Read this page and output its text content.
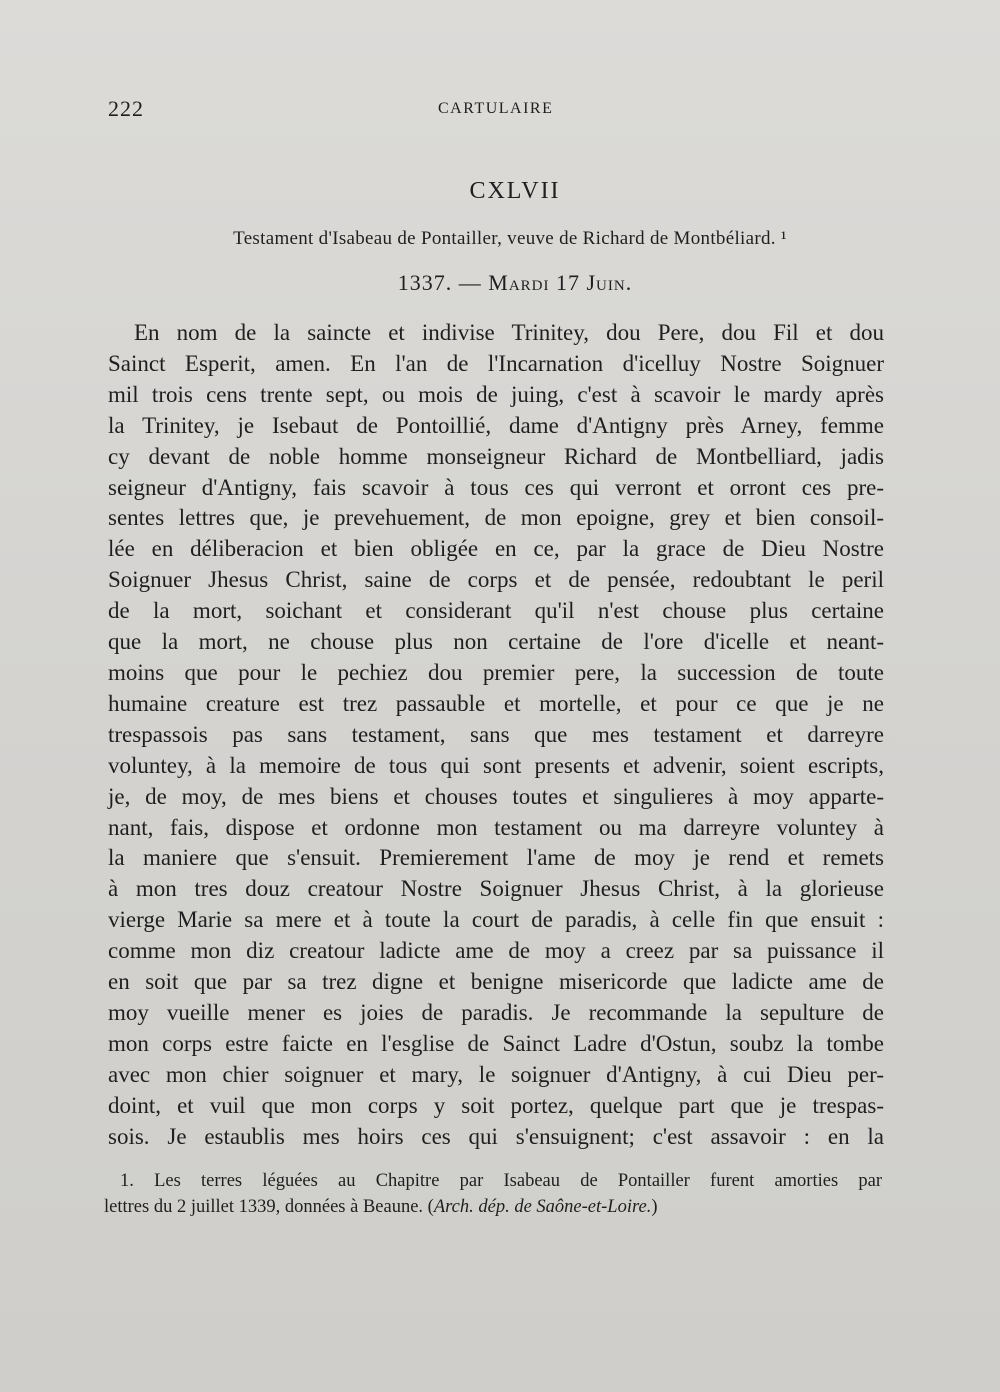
222	CARTULAIRE
CXLVII
Testament d'Isabeau de Pontailler, veuve de Richard de Montbéliard. ¹
1337. — Mardi 17 Juin.
En nom de la saincte et indivise Trinitey, dou Pere, dou Fil et dou
Sainct Esperit, amen. En l'an de l'Incarnation d'icelluy Nostre Soignuer
mil trois cens trente sept, ou mois de juing, c'est à scavoir le mardy après
la Trinitey, je Isebaut de Pontoillié, dame d'Antigny près Arney, femme
cy devant de noble homme monseigneur Richard de Montbelliard, jadis
seigneur d'Antigny, fais scavoir à tous ces qui verront et orront ces pre-
sentes lettres que, je prevehuement, de mon epoigne, grey et bien consoil-
lée en déliberacion et bien obligée en ce, par la grace de Dieu Nostre
Soignuer Jhesus Christ, saine de corps et de pensée, redoubtant le peril
de la mort, soichant et considerant qu'il n'est chouse plus certaine
que la mort, ne chouse plus non certaine de l'ore d'icelle et neant-
moins que pour le pechiez dou premier pere, la succession de toute
humaine creature est trez passauble et mortelle, et pour ce que je ne
trespassois pas sans testament, sans que mes testament et darreyre
voluntey, à la memoire de tous qui sont presents et advenir, soient escripts,
je, de moy, de mes biens et chouses toutes et singulieres à moy apparte-
nant, fais, dispose et ordonne mon testament ou ma darreyre voluntey à
la maniere que s'ensuit. Premierement l'ame de moy je rend et remets
à mon tres douz creatour Nostre Soignuer Jhesus Christ, à la glorieuse
vierge Marie sa mere et à toute la court de paradis, à celle fin que ensuit :
comme mon diz creatour ladicte ame de moy a creez par sa puissance il
en soit que par sa trez digne et benigne misericorde que ladicte ame de
moy vueille mener es joies de paradis. Je recommande la sepulture de
mon corps estre faicte en l'esglise de Sainct Ladre d'Ostun, soubz la tombe
avec mon chier soignuer et mary, le soignuer d'Antigny, à cui Dieu per-
doint, et vuil que mon corps y soit portez, quelque part que je trespas-
sois. Je estaublis mes hoirs ces qui s'ensuignent; c'est assavoir : en la
1. Les terres léguées au Chapitre par Isabeau de Pontailler furent amorties par
lettres du 2 juillet 1339, données à Beaune. (Arch. dép. de Saône-et-Loire.)
